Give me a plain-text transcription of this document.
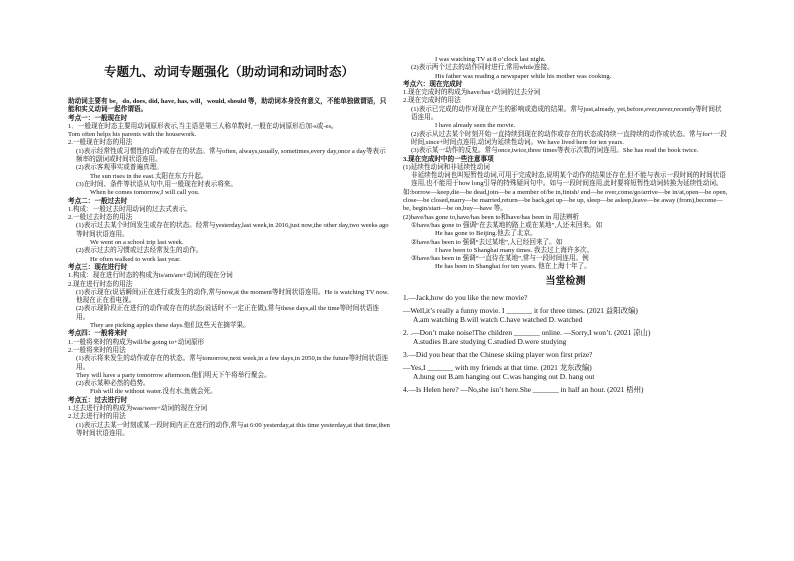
专题九、动词专题强化（助动词和动词时态）
助动词主要有 be，do, does, did, have, has, will，would, should 等，助动词本身没有意义，不能单独做谓语，只能和实义动词一起作谓语。
考点一：一般现在时
1．一般现在时态主要用动词原形表示,当主语是第三人称单数时,一般在动词原形后加-s或-es。
Tom often helps his parents with the housework.
2.一般现在时态的用法
(1)表示经常性或习惯性的动作或存在的状态。常与often, always,usually, sometimes,every day,once a day等表示频率的副词或时间状语连用。
(2)表示客观事实或普遍真理。
The sun rises in the east.太阳在东方升起。
(3)在时间、条件等状语从句中,用一般现在时表示将来。
When he comes tomorrow,I will call you.
考点二：一般过去时
1.构成：一般过去时用动词的过去式表示。
2.一般过去时态的用法
(1)表示过去某个时间发生或存在的状态。经常与yesterday,last week,in 2016,just now,the other day,two weeks ago等时间状语连用。
We went on a school trip last week.
(2)表示过去的习惯或过去经常发生的动作。
He often walked to work last year.
考点三：现在进行时
1.构成：现在进行时态的构成为is/am/are+动词的现在分词
2.现在进行时态的用法
(1)表示现在(说话瞬间)正在进行或发生的动作,常与now,at the moment等时间状语连用。He is watching TV now.他现在正在看电视。
(2)表示现阶段正在进行的动作或存在的状态(说话时不一定正在做),常与these days,all the time等时间状语连用。
They are picking apples these days.他们这些天在摘苹果。
考点四：一般将来时
1.一般将来时的构成为will/be going to+动词原形
2.一般将来时的用法
(1)表示将来发生的动作或存在的状态。常与tomorrow,next week,in a few days,in 2050,in the future等时间状语连用。
They will have a party tomorrow afternoon.他们明天下午将举行聚会。
(2)表示某种必然的趋势。
Fish will die without water.没有水,鱼就会死。
考点五：过去进行时
1.过去进行时的构成为was/were+动词的现在分词
2.过去进行时的用法
(1)表示过去某一时刻或某一段时间内正在进行的动作,常与at 6:00 yesterday,at this time yesterday,at that time,then等时间状语连用。
I was watching TV at 8 o’clock last night.
(2)表示两个过去的动作同时进行,常用while连接。
His father was reading a newspaper while his mother was cooking.
考点六：现在完成时
1.现在完成时的构成为have/has+动词的过去分词
2.现在完成时的用法
(1)表示已完成的动作对现在产生的影响或造成的结果。常与just,already, yet,before,ever,never,recently等时间状语连用。
I have already seen the movie.
(2)表示从过去某个时刻开始一直持续到现在的动作或存在的状态或持续一直持续的动作或状态。常与for+一段时间,since+时间点连用,动词为延续性动词。We have lived here for ten years.
(3)表示某一动作的反复。常与once,twice,three times等表示次数的词连用。She has read the book twice.
3.现在完成时中的一些注意事项
(1)延续性动词和非延续性动词
非延续性动词也叫短暂性动词,可用于完成时态,说明某个动作的结果还存在,但不能与表示一段时间的时间状语连用,也不能用于how long引导的特殊疑问句中。如与一段时间连用,此时要将短暂性动词转换为延续性动词。
如:borrow—keep,die—be dead,join—be a member of/be in,finish/ end—be over,come/go/arrive—be in/at,open—be open, close—be closed,marry—be married,return—be back,get up—be up, sleep—be asleep,leave—be away (from),become—be, begin/start—be on,buy—have 等。
(2)have/has gone to,have/has been to和have/has been in 用法辨析
①have/has gone to 强调“在去某地的路上或在某地”,人还未回来。如
He has gone to Beijing.他去了北京。
②have/has been to 强调“去过某地”,人已经回来了。如
I have been to Shanghai many times. 我去过上海许多次。
③have/has been in 强调“一直待在某地”,常与一段时间连用。例
He has been in Shanghai for ten years. 他在上海十年了。
当堂检测
1.—Jack,how do you like the new movie?
—Well,it’s really a funny movie. I _______ it for three times. (2021 益阳改编)
A.am watching B.will watch C.have watched D. watched
2. .—Don’t make noise!The children _______ online. —Sorry,I won’t. (2021 凉山)
A.studies B.are studying C.studied D.were studying
3.—Did you hear that the Chinese skiing player won first prize?
—Yes,I _______ with my friends at that time. (2021 龙东改编)
A.hung out B.am hanging out C.was hanging out D. hang out
4.—Is Helen here? —No,she isn’t here.She _______ in half an hour. (2021 梧州)
